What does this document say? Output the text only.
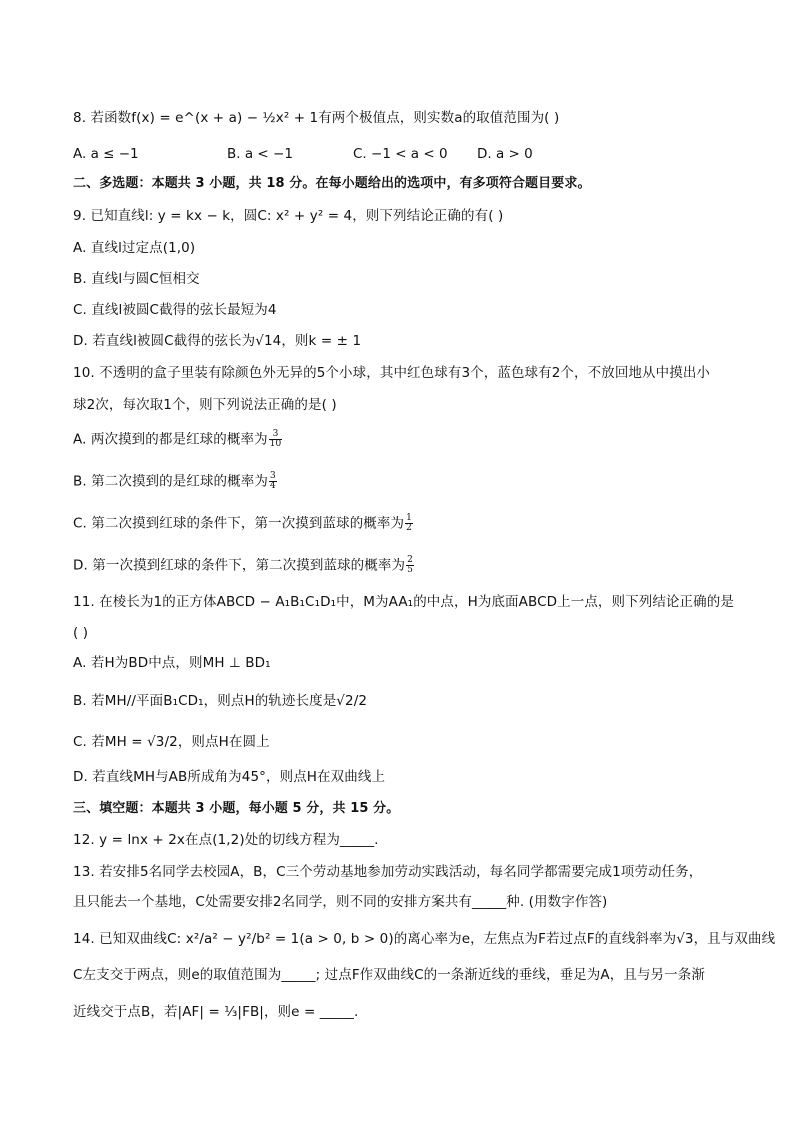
8. 若函数f(x) = e^(x + a) − ½x² + 1有两个极值点，则实数a的取值范围为( )
A. a ≤ −1	B. a < −1	C. −1 < a < 0 D. a > 0
二、多选题：本题共 3 小题，共 18 分。在每小题给出的选项中，有多项符合题目要求。
9. 已知直线l: y = kx − k，圆C: x² + y² = 4，则下列结论正确的有( )
A. 直线l过定点(1,0)
B. 直线l与圆C恒相交
C. 直线l被圆C截得的弦长最短为4
D. 若直线l被圆C截得的弦长为√14，则k = ± 1
10. 不透明的盒子里装有除颜色外无异的5个小球，其中红色球有3个，蓝色球有2个，不放回地从中摸出小
球2次，每次取1个，则下列说法正确的是( )
A. 两次摸到的都是红球的概率为 $\frac{3}{10}$
B. 第二次摸到的是红球的概率为 $\frac{3}{4}$
C. 第二次摸到红球的条件下，第一次摸到蓝球的概率为 $\frac{1}{2}$
D. 第一次摸到红球的条件下，第二次摸到蓝球的概率为 $\frac{2}{5}$
11. 在棱长为1的正方体ABCD − A₁B₁C₁D₁中，M为AA₁的中点，H为底面ABCD上一点，则下列结论正确的是
( )
A. 若H为BD中点，则MH ⊥ BD₁
B. 若MH//平面B₁CD₁，则点H的轨迹长度是√2/2
C. 若MH = √3/2，则点H在圆上
D. 若直线MH与AB所成角为45°，则点H在双曲线上
三、填空题：本题共 3 小题，每小题 5 分，共 15 分。
12. y = lnx + 2x在点(1,2)处的切线方程为_____.
13. 若安排5名同学去校园A，B，C三个劳动基地参加劳动实践活动，每名同学都需要完成1项劳动任务，
且只能去一个基地，C处需要安排2名同学，则不同的安排方案共有_____种. (用数字作答)
14. 已知双曲线C: x²/a² − y²/b² = 1(a > 0, b > 0)的离心率为e，左焦点为F若过点F的直线斜率为√3，且与双曲线
C左支交于两点，则e的取值范围为_____; 过点F作双曲线C的一条渐近线的垂线，垂足为A，且与另一条渐
近线交于点B，若|AF| = ⅓|FB|，则e = _____.
